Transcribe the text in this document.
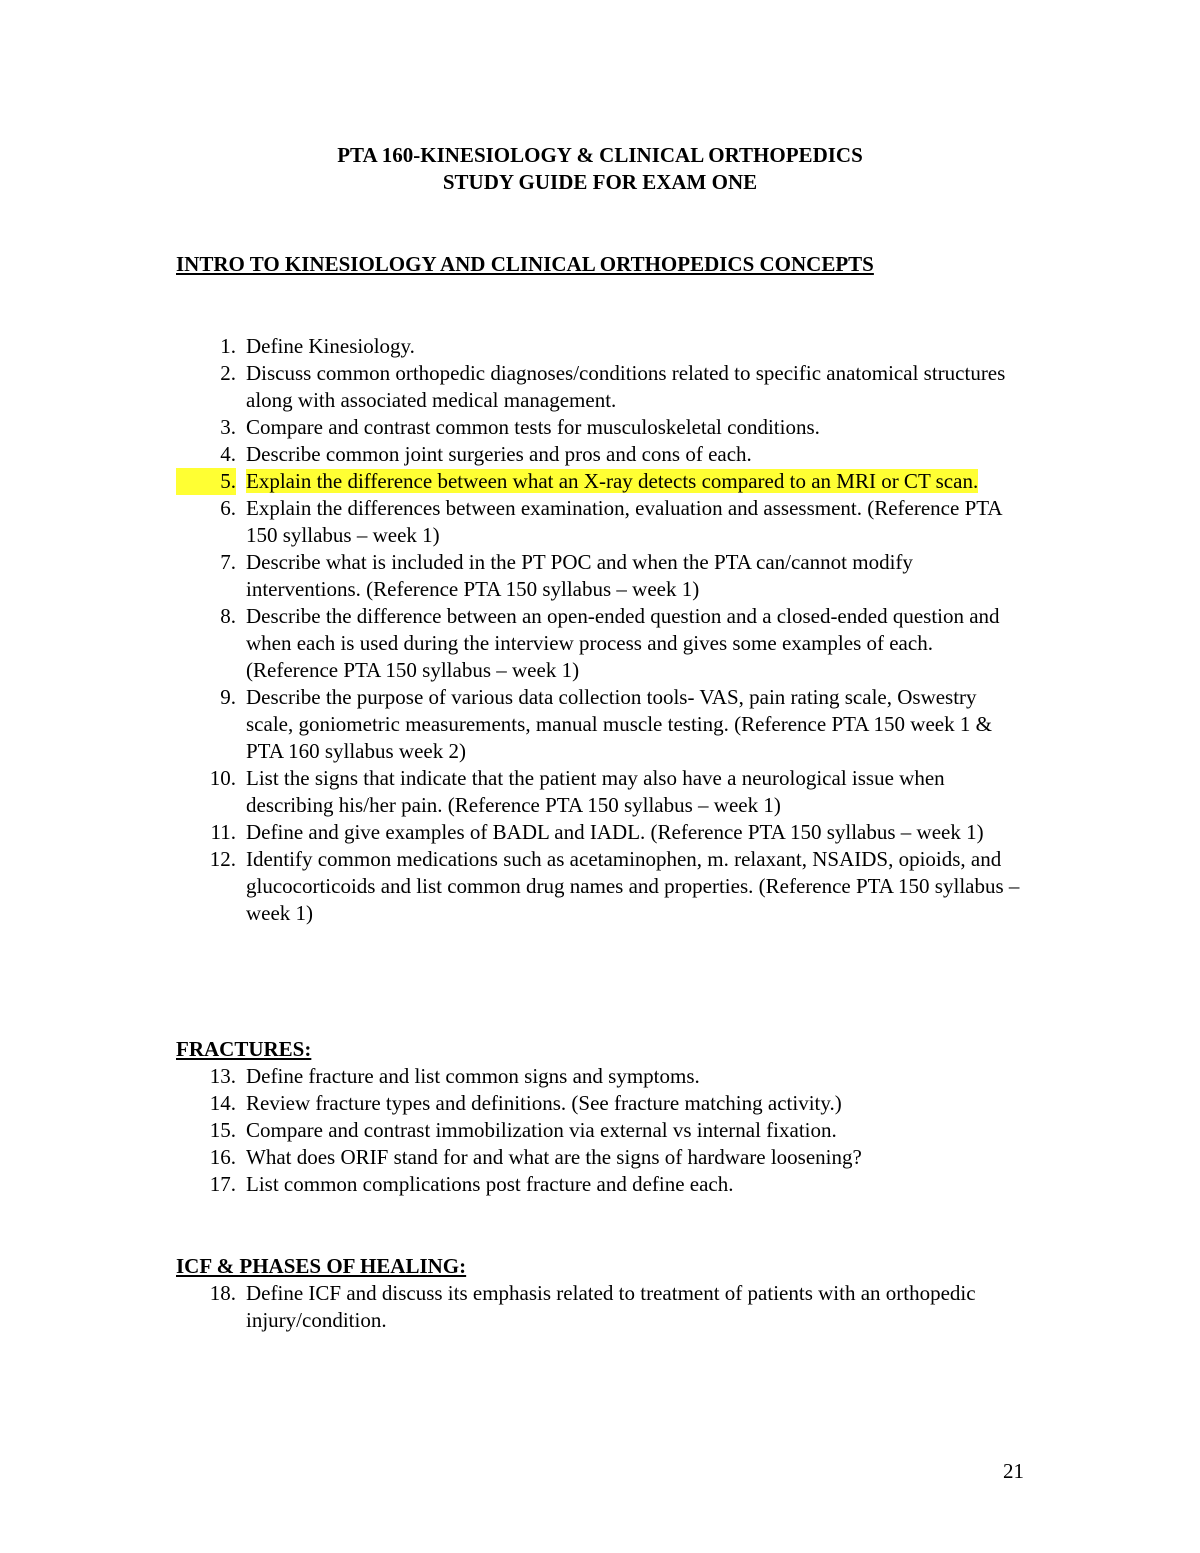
PTA 160-KINESIOLOGY & CLINICAL ORTHOPEDICS
STUDY GUIDE FOR EXAM ONE
INTRO TO KINESIOLOGY AND CLINICAL ORTHOPEDICS CONCEPTS
1. Define Kinesiology.
2. Discuss common orthopedic diagnoses/conditions related to specific anatomical structures along with associated medical management.
3. Compare and contrast common tests for musculoskeletal conditions.
4. Describe common joint surgeries and pros and cons of each.
5. Explain the difference between what an X-ray detects compared to an MRI or CT scan.
6. Explain the differences between examination, evaluation and assessment. (Reference PTA 150 syllabus – week 1)
7. Describe what is included in the PT POC and when the PTA can/cannot modify interventions. (Reference PTA 150 syllabus – week 1)
8. Describe the difference between an open-ended question and a closed-ended question and when each is used during the interview process and gives some examples of each. (Reference PTA 150 syllabus – week 1)
9. Describe the purpose of various data collection tools- VAS, pain rating scale, Oswestry scale, goniometric measurements, manual muscle testing. (Reference PTA 150 week 1 & PTA 160 syllabus week 2)
10. List the signs that indicate that the patient may also have a neurological issue when describing his/her pain. (Reference PTA 150 syllabus – week 1)
11. Define and give examples of BADL and IADL. (Reference PTA 150 syllabus – week 1)
12. Identify common medications such as acetaminophen, m. relaxant, NSAIDS, opioids, and glucocorticoids and list common drug names and properties. (Reference PTA 150 syllabus – week 1)
FRACTURES:
13. Define fracture and list common signs and symptoms.
14. Review fracture types and definitions. (See fracture matching activity.)
15. Compare and contrast immobilization via external vs internal fixation.
16. What does ORIF stand for and what are the signs of hardware loosening?
17. List common complications post fracture and define each.
ICF & PHASES OF HEALING:
18. Define ICF and discuss its emphasis related to treatment of patients with an orthopedic injury/condition.
21
